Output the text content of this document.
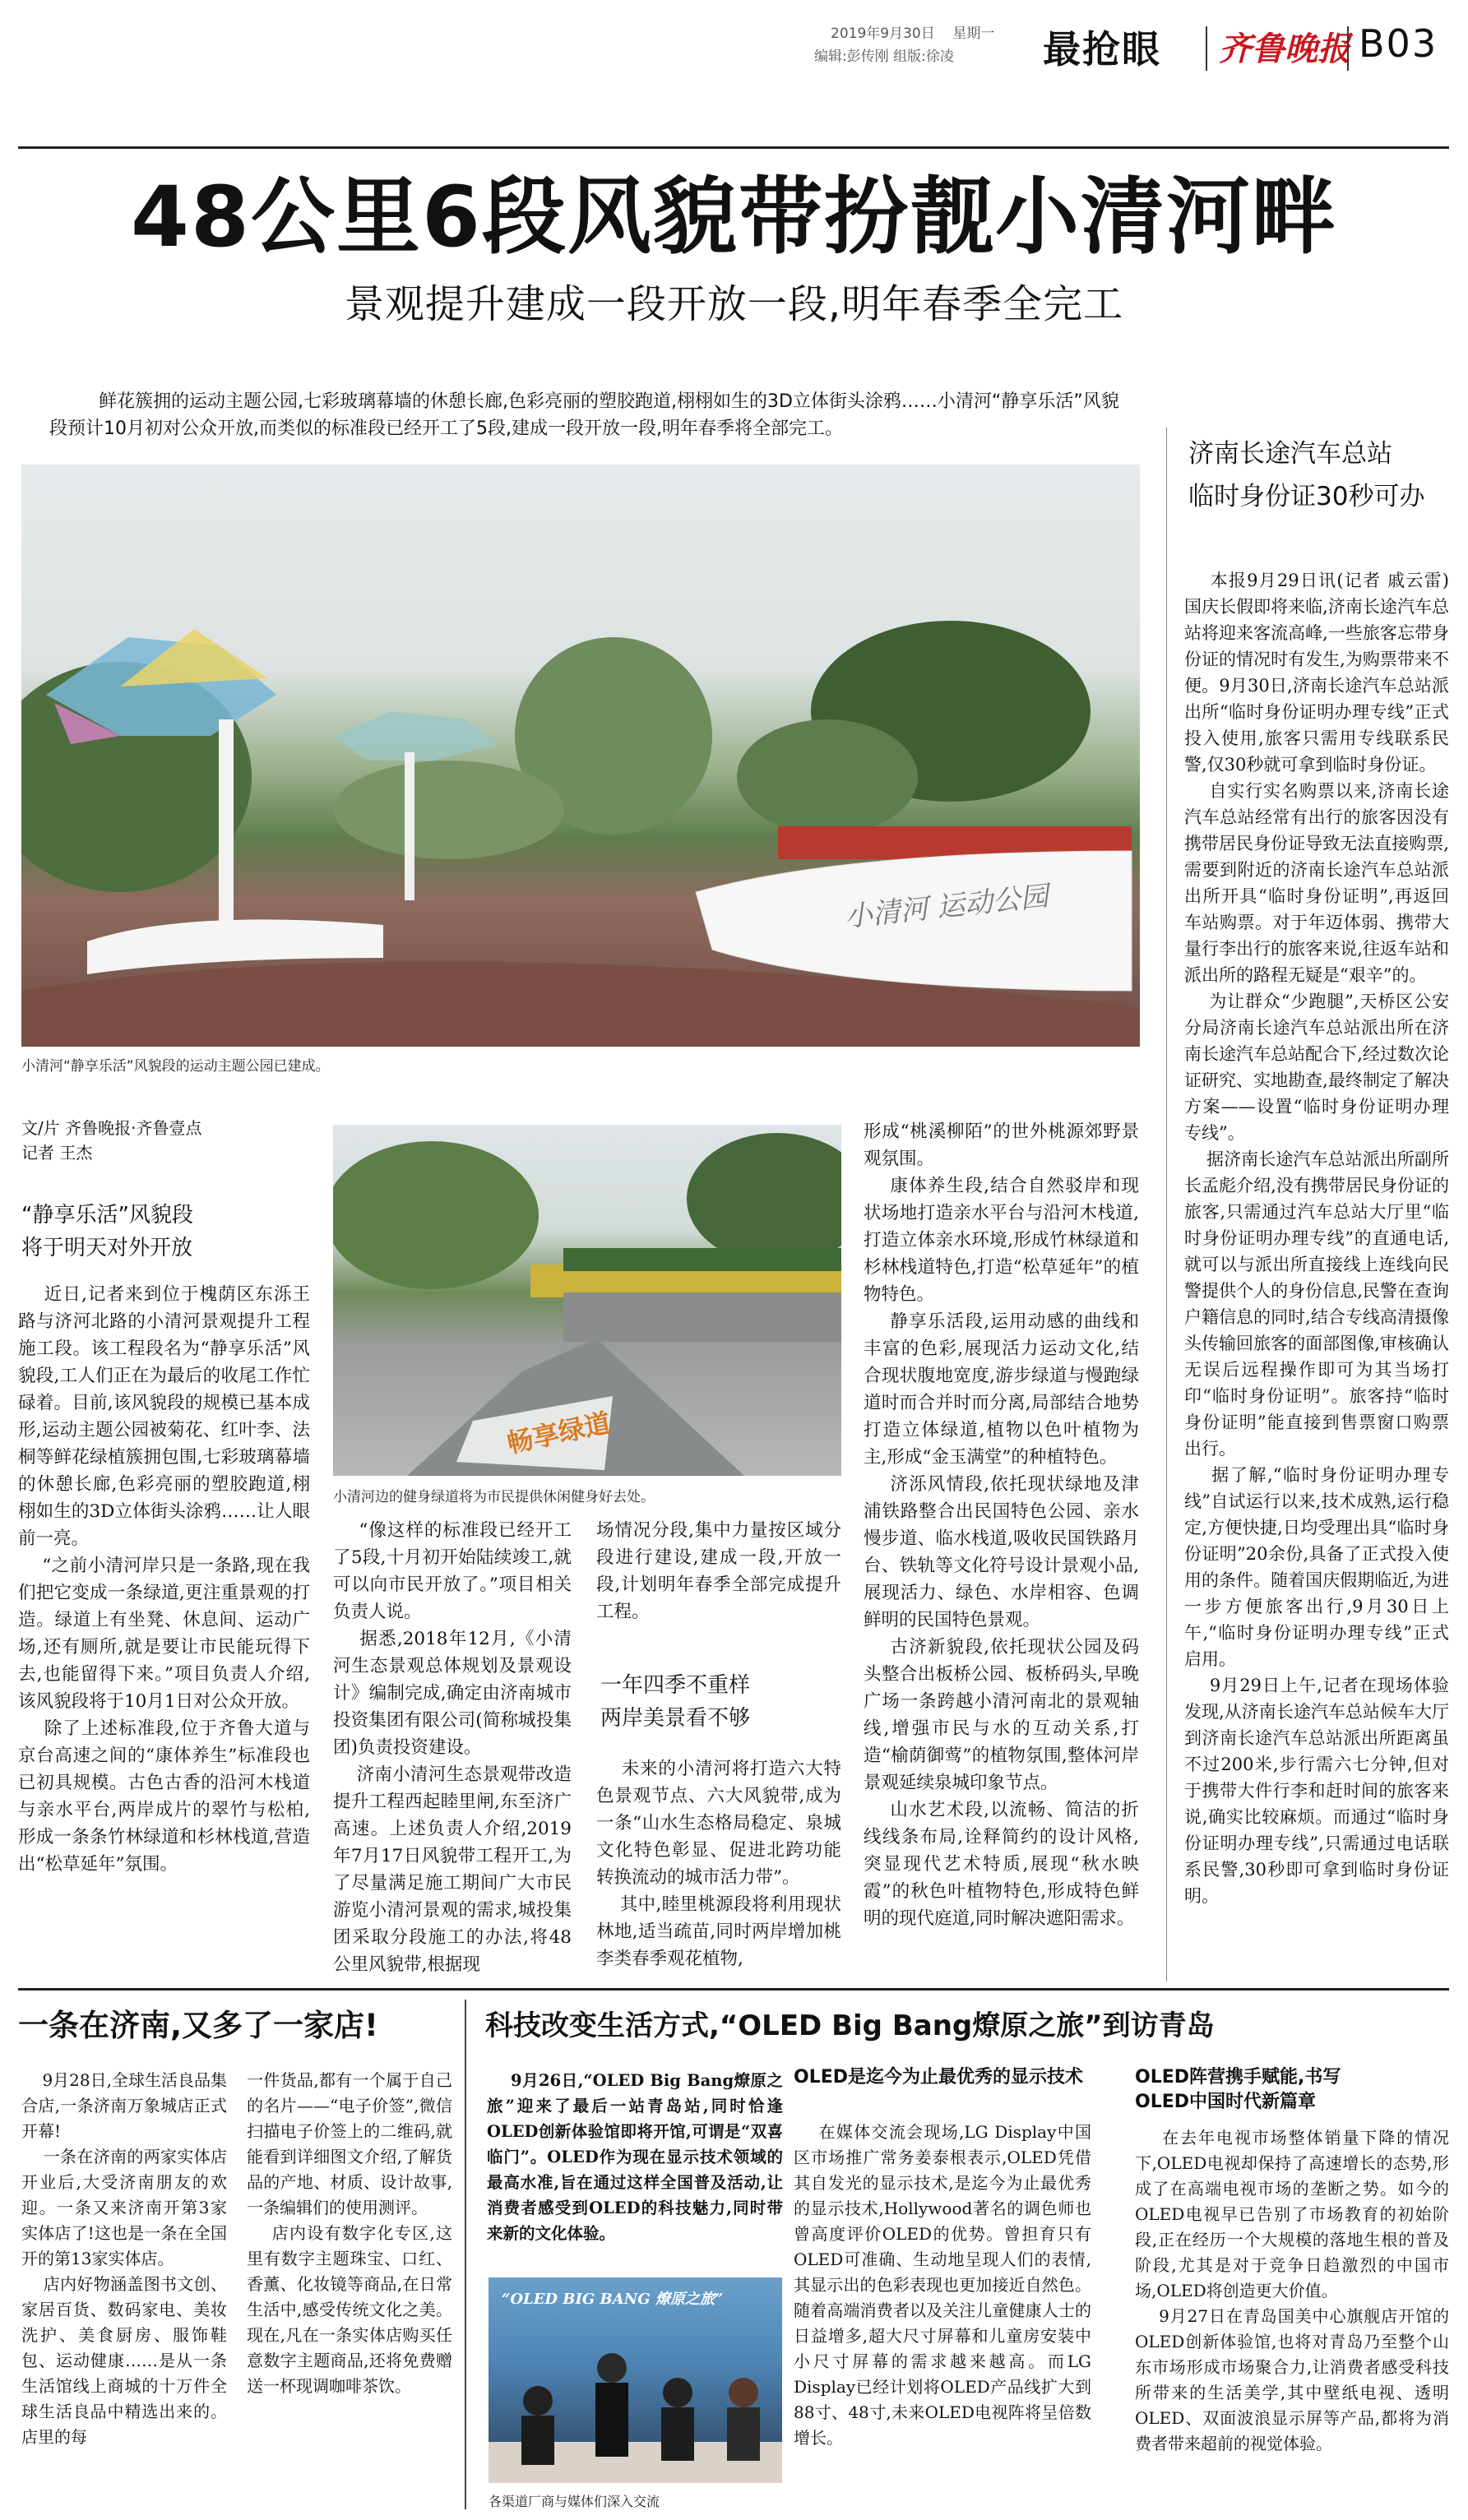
2019年9月30日 星期一
编辑:彭传刚 组版:徐凌 最抢眼 齐鲁晚报 B03
48公里6段风貌带扮靓小清河畔
景观提升建成一段开放一段,明年春季全完工
鲜花簇拥的运动主题公园,七彩玻璃幕墙的休憩长廊,色彩亮丽的塑胶跑道,栩栩如生的3D立体街头涂鸦……小清河“静享乐活”风貌段预计10月初对公众开放,而类似的标准段已经开工了5段,建成一段开放一段,明年春季将全部完工。
小清河 运动公园
小清河“静享乐活”风貌段的运动主题公园已建成。
济南长途汽车总站
临时身份证30秒可办
本报9月29日讯(记者 戚云雷) 国庆长假即将来临,济南长途汽车总站将迎来客流高峰,一些旅客忘带身份证的情况时有发生,为购票带来不便。9月30日,济南长途汽车总站派出所“临时身份证明办理专线”正式投入使用,旅客只需用专线联系民警,仅30秒就可拿到临时身份证。
自实行实名购票以来,济南长途汽车总站经常有出行的旅客因没有携带居民身份证导致无法直接购票,需要到附近的济南长途汽车总站派出所开具“临时身份证明”,再返回车站购票。对于年迈体弱、携带大量行李出行的旅客来说,往返车站和派出所的路程无疑是“艰辛”的。
为让群众“少跑腿”,天桥区公安分局济南长途汽车总站派出所在济南长途汽车总站配合下,经过数次论证研究、实地勘查,最终制定了解决方案——设置“临时身份证明办理专线”。
据济南长途汽车总站派出所副所长孟彪介绍,没有携带居民身份证的旅客,只需通过汽车总站大厅里“临时身份证明办理专线”的直通电话,就可以与派出所直接线上连线向民警提供个人的身份信息,民警在查询户籍信息的同时,结合专线高清摄像头传输回旅客的面部图像,审核确认无误后远程操作即可为其当场打印“临时身份证明”。旅客持“临时身份证明”能直接到售票窗口购票出行。
据了解,“临时身份证明办理专线”自试运行以来,技术成熟,运行稳定,方便快捷,日均受理出具“临时身份证明”20余份,具备了正式投入使用的条件。随着国庆假期临近,为进一步方便旅客出行,9月30日上午,“临时身份证明办理专线”正式启用。
9月29日上午,记者在现场体验发现,从济南长途汽车总站候车大厅到济南长途汽车总站派出所距离虽不过200米,步行需六七分钟,但对于携带大件行李和赶时间的旅客来说,确实比较麻烦。而通过“临时身份证明办理专线”,只需通过电话联系民警,30秒即可拿到临时身份证明。
文/片 齐鲁晚报·齐鲁壹点
记者 王杰
“静享乐活”风貌段
将于明天对外开放
近日,记者来到位于槐荫区东泺王路与济河北路的小清河景观提升工程施工段。该工程段名为“静享乐活”风貌段,工人们正在为最后的收尾工作忙碌着。目前,该风貌段的规模已基本成形,运动主题公园被菊花、红叶李、法桐等鲜花绿植簇拥包围,七彩玻璃幕墙的休憩长廊,色彩亮丽的塑胶跑道,栩栩如生的3D立体街头涂鸦……让人眼前一亮。
“之前小清河岸只是一条路,现在我们把它变成一条绿道,更注重景观的打造。绿道上有坐凳、休息间、运动广场,还有厕所,就是要让市民能玩得下去,也能留得下来。”项目负责人介绍,该风貌段将于10月1日对公众开放。
除了上述标准段,位于齐鲁大道与京台高速之间的“康体养生”标准段也已初具规模。古色古香的沿河木栈道与亲水平台,两岸成片的翠竹与松柏,形成一条条竹林绿道和杉林栈道,营造出“松草延年”氛围。
畅享绿道
小清河边的健身绿道将为市民提供休闲健身好去处。
“像这样的标准段已经开工了5段,十月初开始陆续竣工,就可以向市民开放了。”项目相关负责人说。
据悉,2018年12月,《小清河生态景观总体规划及景观设计》编制完成,确定由济南城市投资集团有限公司(简称城投集团)负责投资建设。
济南小清河生态景观带改造提升工程西起睦里闸,东至济广高速。上述负责人介绍,2019年7月17日风貌带工程开工,为了尽量满足施工期间广大市民游览小清河景观的需求,城投集团采取分段施工的办法,将48公里风貌带,根据现
场情况分段,集中力量按区域分段进行建设,建成一段,开放一段,计划明年春季全部完成提升工程。
一年四季不重样
两岸美景看不够
未来的小清河将打造六大特色景观节点、六大风貌带,成为一条“山水生态格局稳定、泉城文化特色彰显、促进北跨功能转换流动的城市活力带”。
其中,睦里桃源段将利用现状林地,适当疏苗,同时两岸增加桃李类春季观花植物,
形成“桃溪柳陌”的世外桃源郊野景观氛围。
康体养生段,结合自然驳岸和现状场地打造亲水平台与沿河木栈道,打造立体亲水环境,形成竹林绿道和杉林栈道特色,打造“松草延年”的植物特色。
静享乐活段,运用动感的曲线和丰富的色彩,展现活力运动文化,结合现状腹地宽度,游步绿道与慢跑绿道时而合并时而分离,局部结合地势打造立体绿道,植物以色叶植物为主,形成“金玉满堂”的种植特色。
济泺风情段,依托现状绿地及津浦铁路整合出民国特色公园、亲水慢步道、临水栈道,吸收民国铁路月台、铁轨等文化符号设计景观小品,展现活力、绿色、水岸相容、色调鲜明的民国特色景观。
古济新貌段,依托现状公园及码头整合出板桥公园、板桥码头,早晚广场一条跨越小清河南北的景观轴线,增强市民与水的互动关系,打造“榆荫御莺”的植物氛围,整体河岸景观延续泉城印象节点。
山水艺术段,以流畅、简洁的折线线条布局,诠释简约的设计风格,突显现代艺术特质,展现“秋水映霞”的秋色叶植物特色,形成特色鲜明的现代庭道,同时解决遮阳需求。
一条在济南,又多了一家店!
9月28日,全球生活良品集合店,一条济南万象城店正式开幕!
一条在济南的两家实体店开业后,大受济南朋友的欢迎。一条又来济南开第3家实体店了!这也是一条在全国开的第13家实体店。
店内好物涵盖图书文创、家居百货、数码家电、美妆洗护、美食厨房、服饰鞋包、运动健康……是从一条生活馆线上商城的十万件全球生活良品中精选出来的。店里的每
一件货品,都有一个属于自己的名片——“电子价签”,微信扫描电子价签上的二维码,就能看到详细图文介绍,了解货品的产地、材质、设计故事,一条编辑们的使用测评。
店内设有数字化专区,这里有数字主题珠宝、口红、香薰、化妆镜等商品,在日常生活中,感受传统文化之美。现在,凡在一条实体店购买任意数字主题商品,还将免费赠送一杯现调咖啡茶饮。
科技改变生活方式,“OLED Big Bang燎原之旅”到访青岛
9月26日,“OLED Big Bang燎原之旅”迎来了最后一站青岛站,同时恰逢OLED创新体验馆即将开馆,可谓是“双喜临门”。OLED作为现在显示技术领域的最高水准,旨在通过这样全国普及活动,让消费者感受到OLED的科技魅力,同时带来新的文化体验。
“OLED BIG BANG 燎原之旅”
各渠道厂商与媒体们深入交流
OLED是迄今为止最优秀的显示技术
在媒体交流会现场,LG Display中国区市场推广常务姜泰根表示,OLED凭借其自发光的显示技术,是迄今为止最优秀的显示技术,Hollywood著名的调色师也曾高度评价OLED的优势。曾担育只有OLED可准确、生动地呈现人们的表情,其显示出的色彩表现也更加接近自然色。随着高端消费者以及关注儿童健康人士的日益增多,超大尺寸屏幕和儿童房安装中小尺寸屏幕的需求越来越高。而LG Display已经计划将OLED产品线扩大到88寸、48寸,未来OLED电视阵将呈倍数增长。
OLED阵营携手赋能,书写
OLED中国时代新篇章
在去年电视市场整体销量下降的情况下,OLED电视却保持了高速增长的态势,形成了在高端电视市场的垄断之势。如今的OLED电视早已告别了市场教育的初始阶段,正在经历一个大规模的落地生根的普及阶段,尤其是对于竞争日趋激烈的中国市场,OLED将创造更大价值。
9月27日在青岛国美中心旗舰店开馆的OLED创新体验馆,也将对青岛乃至整个山东市场形成市场聚合力,让消费者感受科技所带来的生活美学,其中壁纸电视、透明OLED、双面波浪显示屏等产品,都将为消费者带来超前的视觉体验。
